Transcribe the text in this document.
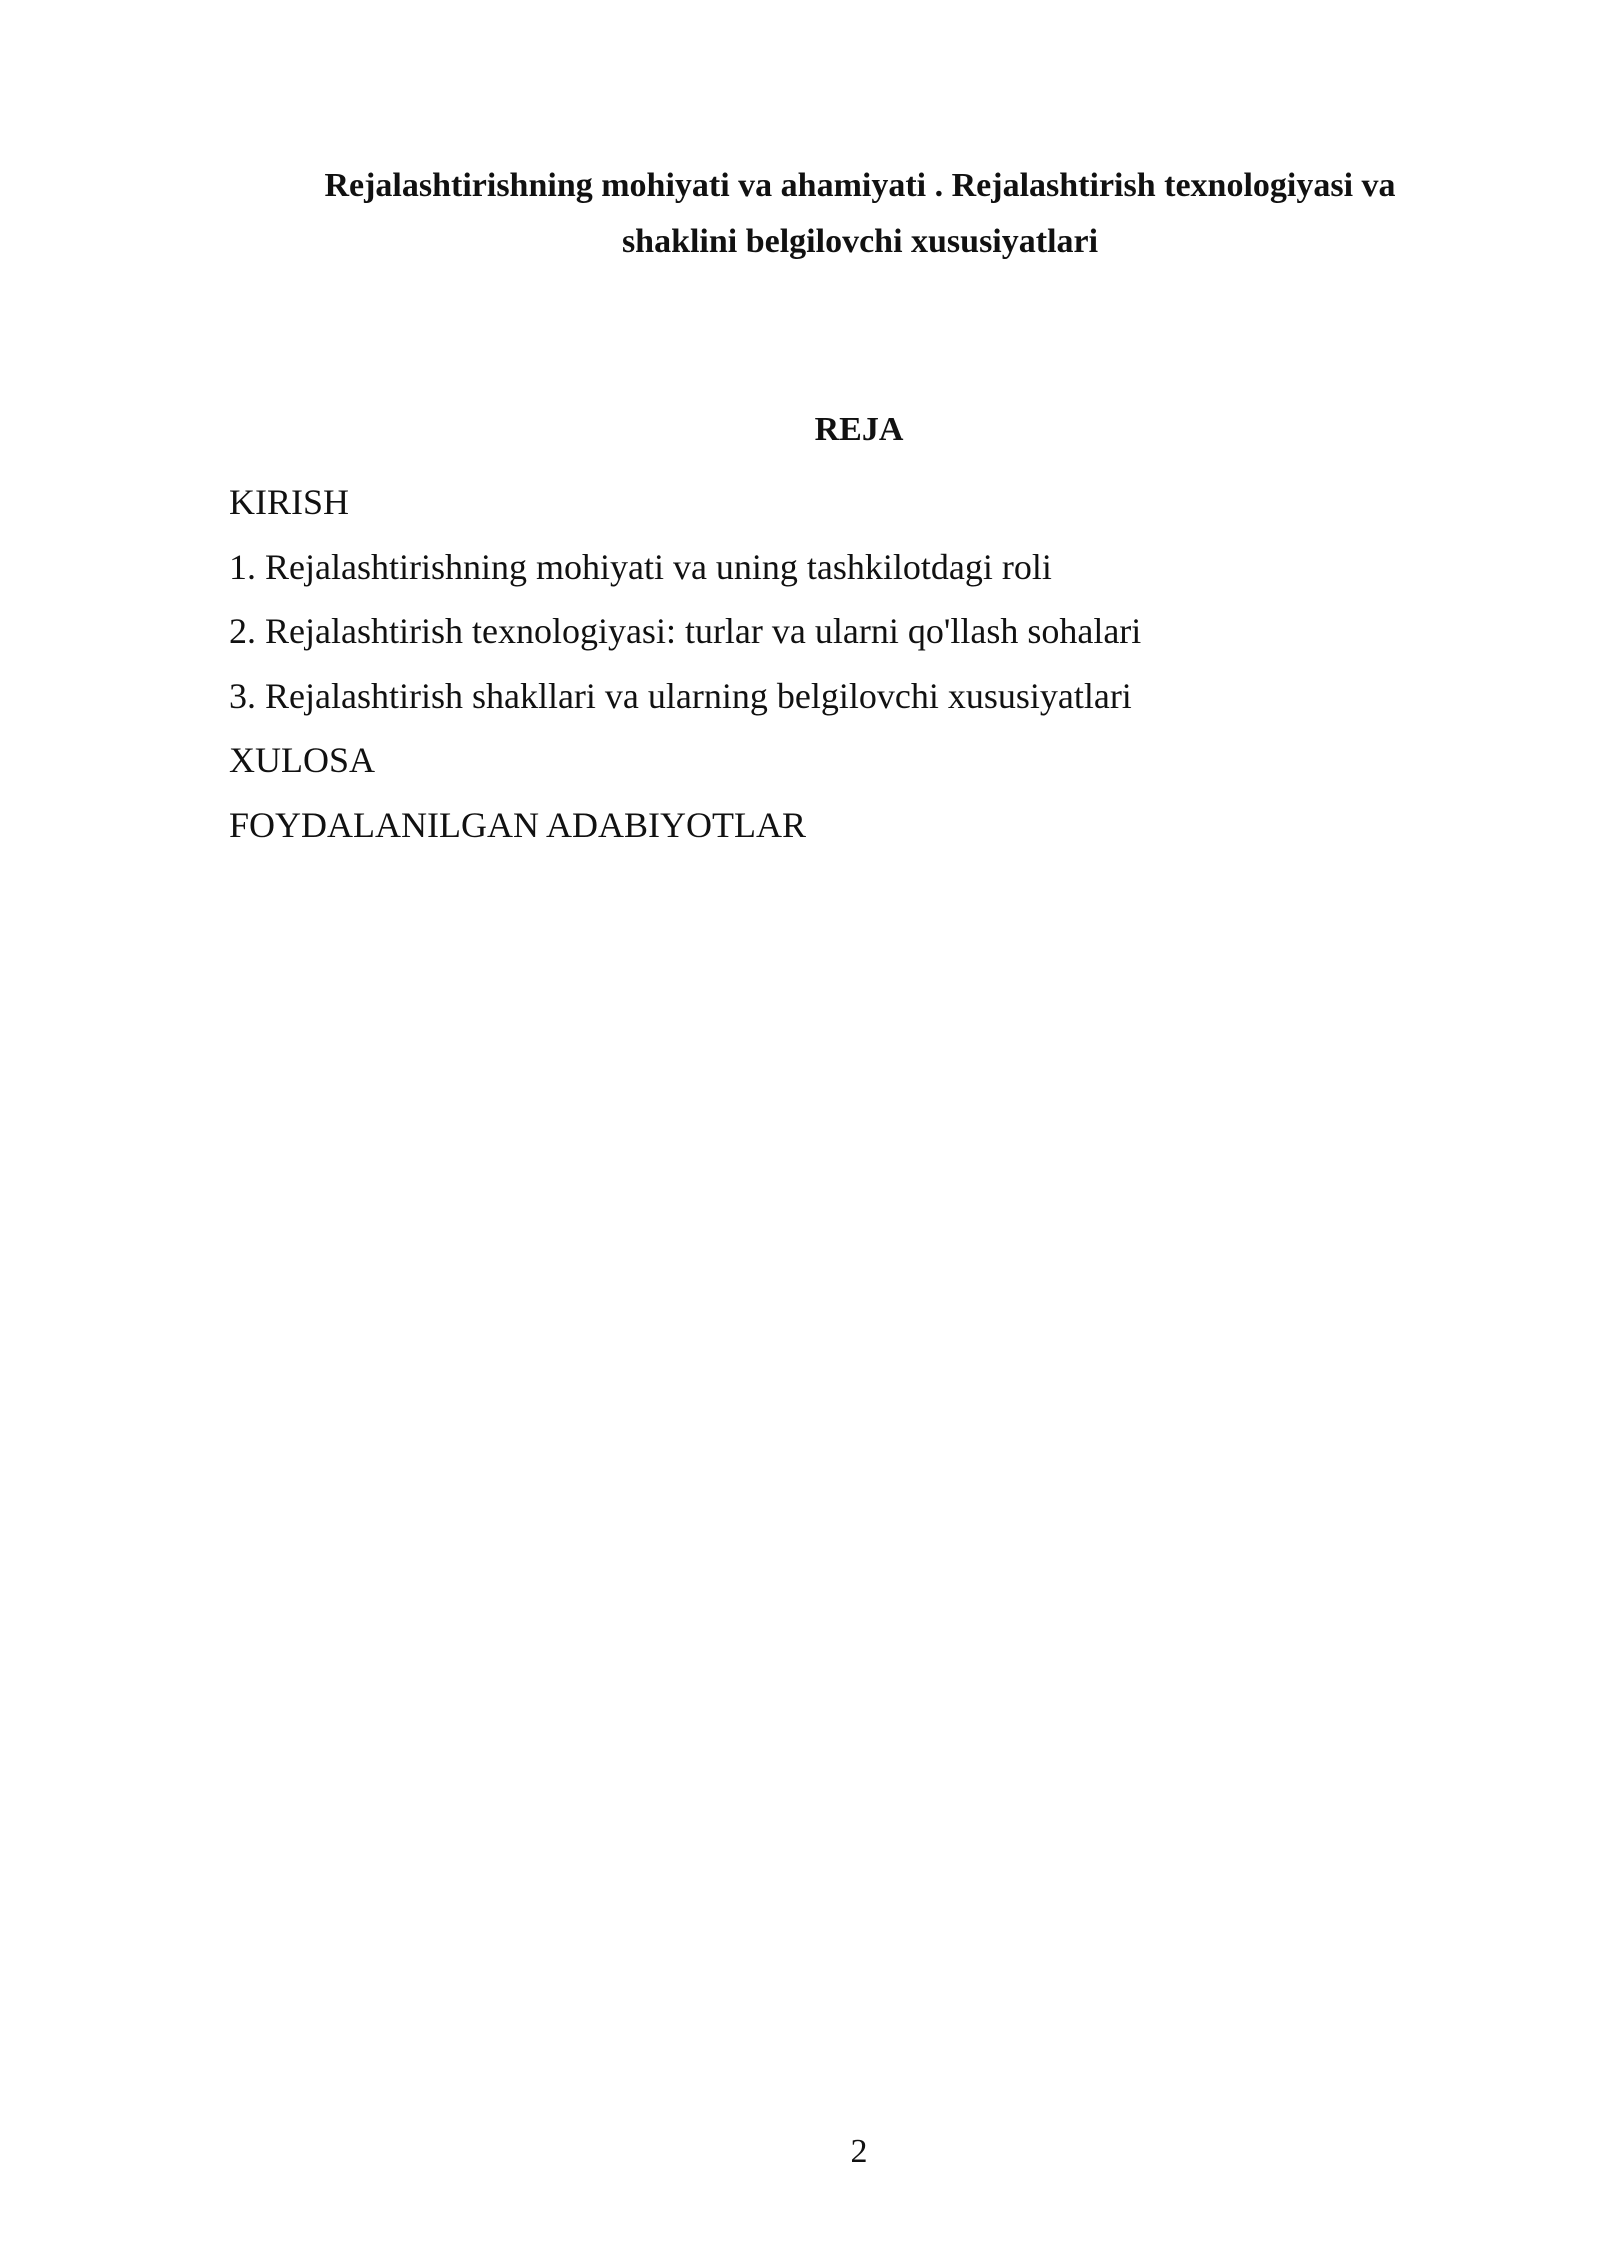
Rejalashtirishning mohiyati va ahamiyati . Rejalashtirish texnologiyasi va
shaklini belgilovchi xususiyatlari
REJA
KIRISH
1. Rejalashtirishning mohiyati va uning tashkilotdagi roli
2. Rejalashtirish texnologiyasi: turlar va ularni qo'llash sohalari
3. Rejalashtirish shakllari va ularning belgilovchi xususiyatlari
XULOSA
FOYDALANILGAN ADABIYOTLAR
2
